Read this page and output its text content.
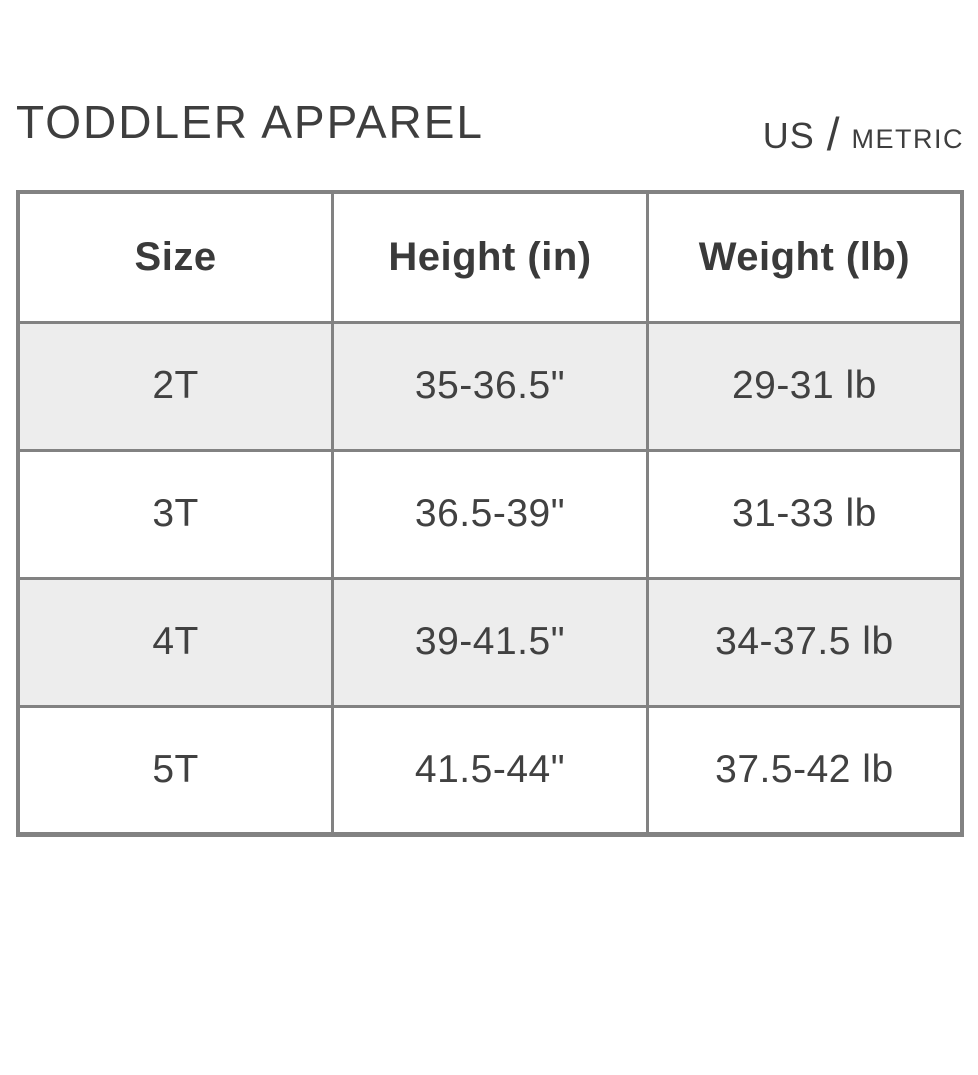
TODDLER APPAREL	US / METRIC
Size	Height (in)	Weight (lb)
2T	35-36.5"	29-31 lb
3T	36.5-39"	31-33 lb
4T	39-41.5"	34-37.5 lb
5T	41.5-44"	37.5-42 lb
